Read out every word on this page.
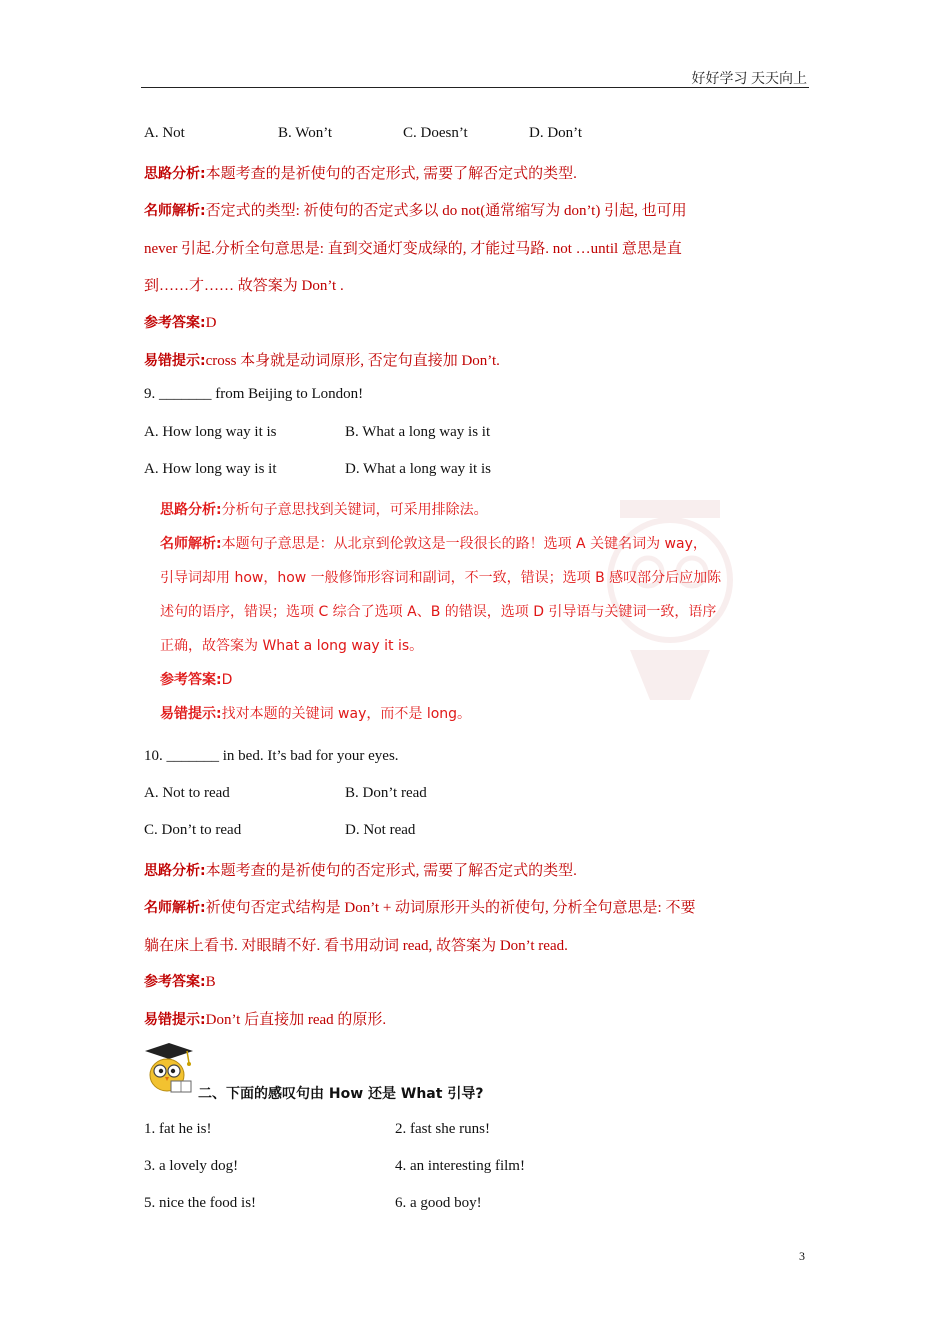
好好学习 天天向上
A. Not	B. Won’t	C. Doesn’t	D. Don’t
思路分析:本题考查的是祈使句的否定形式, 需要了解否定式的类型.
名师解析:否定式的类型: 祈使句的否定式多以 do not(通常缩写为 don’t) 引起, 也可用
never 引起.分析全句意思是: 直到交通灯变成绿的, 才能过马路. not …until 意思是直
到……才…… 故答案为 Don’t .
参考答案:D
易错提示:cross 本身就是动词原形, 否定句直接加 Don’t.
9. _______ from Beijing to London!
A. How long way it is	B. What a long way is it
A. How long way is it	D. What a long way it is
思路分析:分析句子意思找到关键词，可采用排除法。
名师解析:本题句子意思是：从北京到伦敦这是一段很长的路！选项 A 关键名词为 way，
引导词却用 how，how 一般修饰形容词和副词，不一致，错误；选项 B 感叹部分后应加陈
述句的语序，错误；选项 C 综合了选项 A、B 的错误，选项 D 引导语与关键词一致，语序
正确，故答案为 What a long way it is。
参考答案:D
易错提示:找对本题的关键词 way，而不是 long。
10. _______ in bed. It’s bad for your eyes.
A. Not to read	B. Don’t read
C. Don’t to read	D. Not read
思路分析:本题考查的是祈使句的否定形式, 需要了解否定式的类型.
名师解析:祈使句否定式结构是 Don’t + 动词原形开头的祈使句, 分析全句意思是: 不要
躺在床上看书. 对眼睛不好. 看书用动词 read, 故答案为 Don’t read.
参考答案:B
易错提示:Don’t 后直接加 read 的原形.
二、下面的感叹句由 How 还是 What 引导?
1. fat he is!	2. fast she runs!
3. a lovely dog!	4. an interesting film!
5. nice the food is!	6. a good boy!
3
